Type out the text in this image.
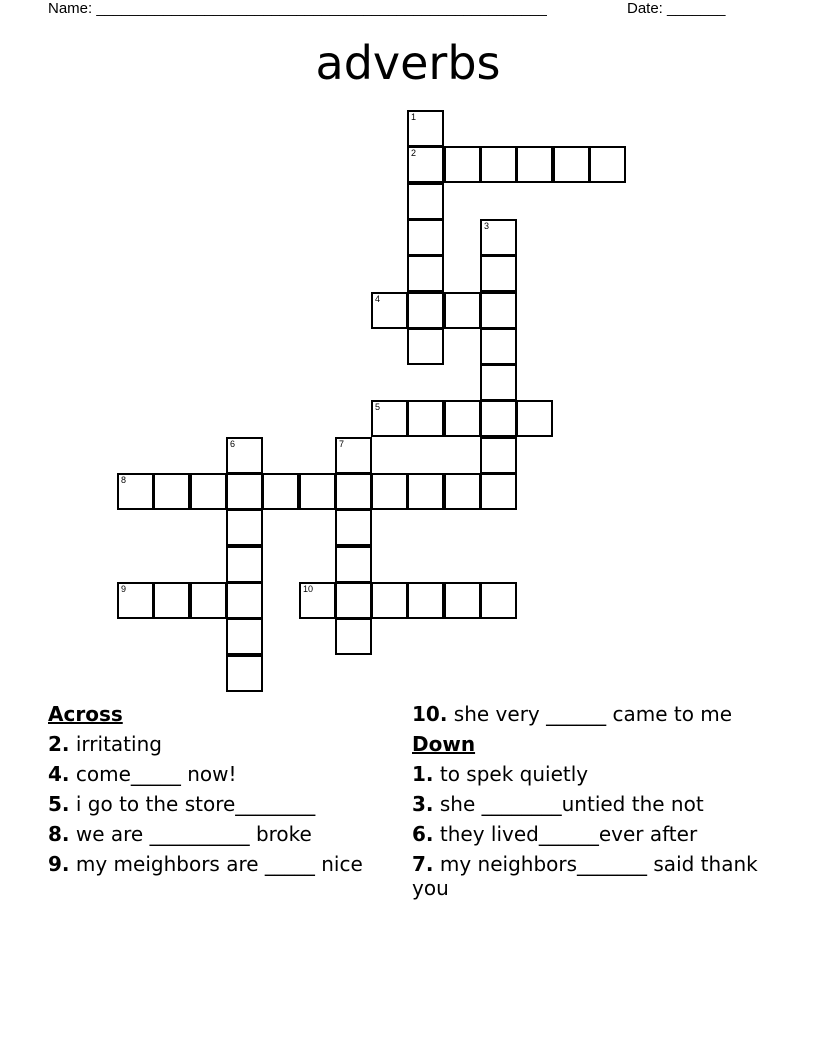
Name: ______________________________________________________	Date: _______
adverbs
2
1
3
4
5
6	7
8
9	10
Across
2. irritating
4. come_____ now!
5. i go to the store________
8. we are __________ broke
9. my meighbors are _____ nice
10. she very ______ came to me
Down
1. to spek quietly
3. she ________untied the not
6. they lived______ever after
7. my neighbors_______ said thank you
